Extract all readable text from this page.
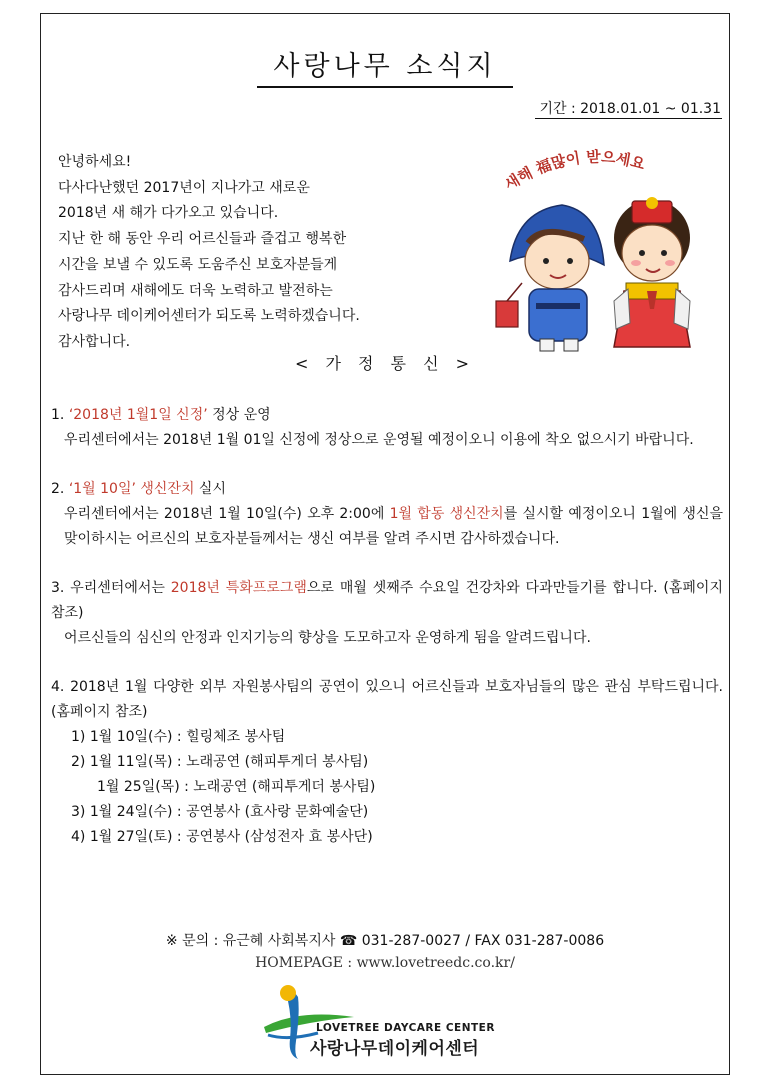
사랑나무 소식지
기간 : 2018.01.01 ~ 01.31
안녕하세요!
다사다난했던 2017년이 지나가고 새로운
2018년 새 해가 다가오고 있습니다.
지난 한 해 동안 우리 어르신들과 즐겁고 행복한
시간을 보낼 수 있도록 도움주신 보호자분들게
감사드리며 새해에도 더욱 노력하고 발전하는
사랑나무 데이케어센터가 되도록 노력하겠습니다.
감사합니다.
새해 福많이 받으세요
< 가 정 통 신 >
1. ‘2018년 1월1일 신정’ 정상 운영
우리센터에서는 2018년 1월 01일 신정에 정상으로 운영될 예정이오니 이용에 착오 없으시기 바랍니다.
2. ‘1월 10일’ 생신잔치 실시
우리센터에서는 2018년 1월 10일(수) 오후 2:00에 1월 합동 생신잔치를 실시할 예정이오니 1월에 생신을 맞이하시는 어르신의 보호자분들께서는 생신 여부를 알려 주시면 감사하겠습니다.
3. 우리센터에서는 2018년 특화프로그램으로 매월 셋째주 수요일 건강차와 다과만들기를 합니다. (홈페이지 참조)
어르신들의 심신의 안정과 인지기능의 향상을 도모하고자 운영하게 됨을 알려드립니다.
4. 2018년 1월 다양한 외부 자원봉사팀의 공연이 있으니 어르신들과 보호자님들의 많은 관심 부탁드립니다. (홈페이지 참조)
1) 1월 10일(수) : 힐링체조 봉사팀
2) 1월 11일(목) : 노래공연 (해피투게더 봉사팀)
1월 25일(목) : 노래공연 (해피투게더 봉사팀)
3) 1월 24일(수) : 공연봉사 (효사랑 문화예술단)
4) 1월 27일(토) : 공연봉사 (삼성전자 효 봉사단)
※ 문의 : 유근혜 사회복지사 ☎ 031-287-0027 / FAX 031-287-0086
HOMEPAGE : www.lovetreedc.co.kr/
LOVETREE DAYCARE CENTER
사랑나무데이케어센터
